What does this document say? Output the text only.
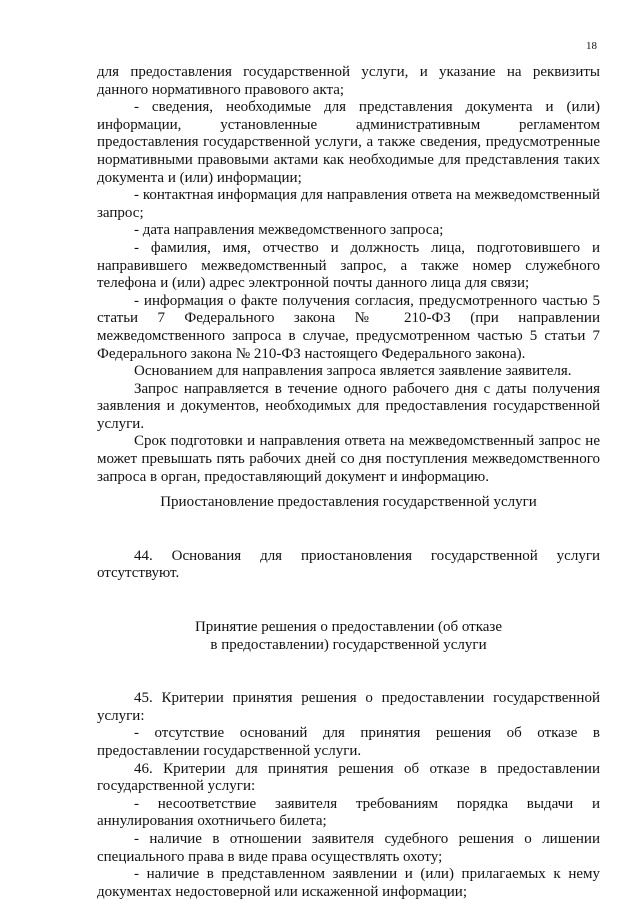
18

для предоставления государственной услуги, и указание на реквизиты данного нормативного правового акта;

- сведения, необходимые для представления документа и (или) информации, установленные административным регламентом предоставления государственной услуги, а также сведения, предусмотренные нормативными правовыми актами как необходимые для представления таких документа и (или) информации;

- контактная информация для направления ответа на межведомственный запрос;

- дата направления межведомственного запроса;

- фамилия, имя, отчество и должность лица, подготовившего и направившего межведомственный запрос, а также номер служебного телефона и (или) адрес электронной почты данного лица для связи;

- информация о факте получения согласия, предусмотренного частью 5 статьи 7 Федерального закона № 210-ФЗ (при направлении межведомственного запроса в случае, предусмотренном частью 5 статьи 7 Федерального закона № 210-ФЗ настоящего Федерального закона).

Основанием для направления запроса является заявление заявителя.

Запрос направляется в течение одного рабочего дня с даты получения заявления и документов, необходимых для предоставления государственной услуги.

Срок подготовки и направления ответа на межведомственный запрос не может превышать пять рабочих дней со дня поступления межведомственного запроса в орган, предоставляющий документ и информацию.

Приостановление предоставления государственной услуги

44. Основания для приостановления государственной услуги отсутствуют.

Принятие решения о предоставлении (об отказе

в предоставлении) государственной услуги

45. Критерии принятия решения о предоставлении государственной услуги:

- отсутствие оснований для принятия решения об отказе в предоставлении государственной услуги.

46. Критерии для принятия решения об отказе в предоставлении государственной услуги:

- несоответствие заявителя требованиям порядка выдачи и аннулирования охотничьего билета;

- наличие в отношении заявителя судебного решения о лишении специального права в виде права осуществлять охоту;

- наличие в представленном заявлении и (или) прилагаемых к нему документах недостоверной или искаженной информации;
